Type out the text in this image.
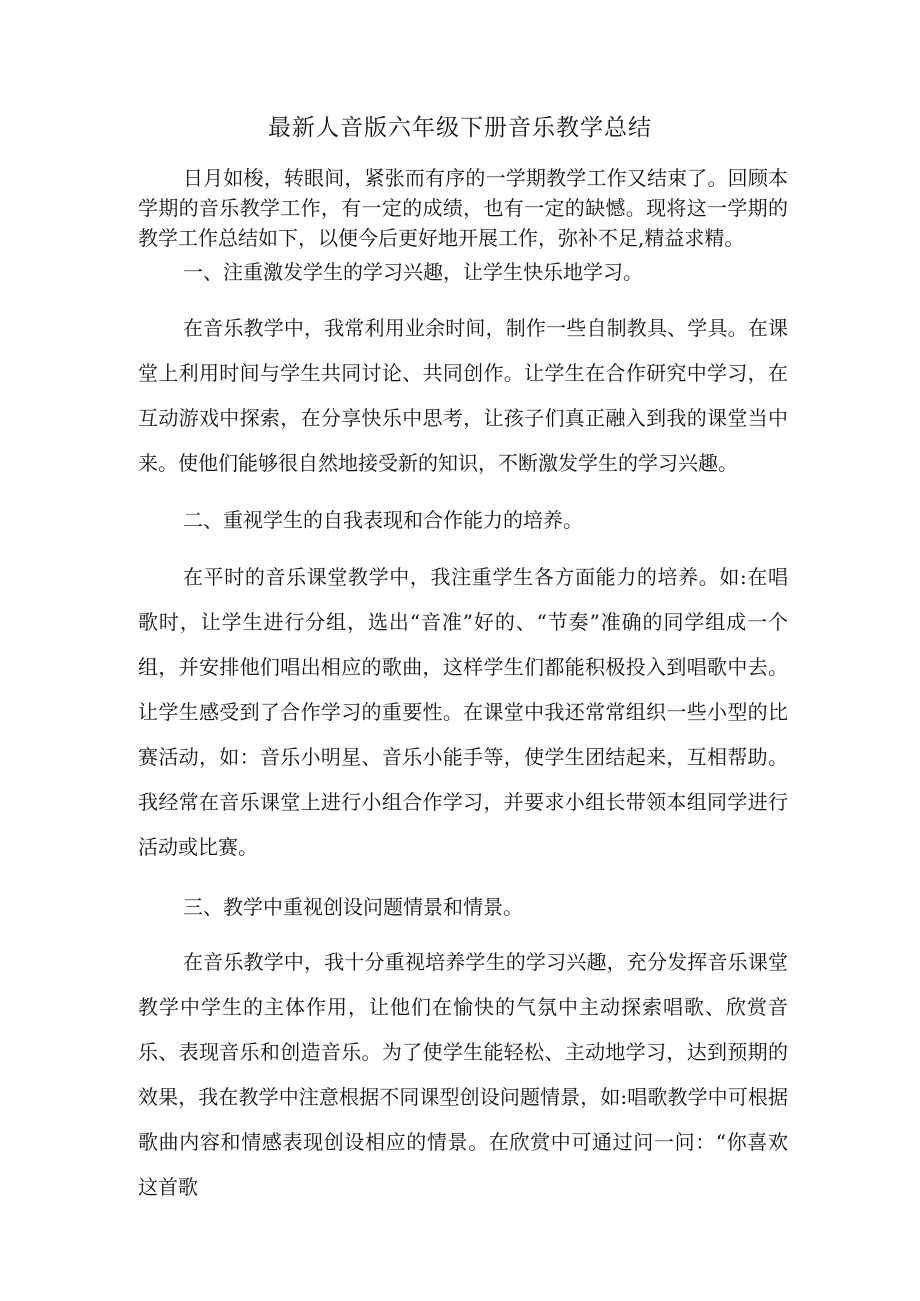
最新人音版六年级下册音乐教学总结

日月如梭，转眼间，紧张而有序的一学期教学工作又结束了。回顾本学期的音乐教学工作，有一定的成绩，也有一定的缺憾。现将这一学期的教学工作总结如下，以便今后更好地开展工作，弥补不足,精益求精。

一、注重激发学生的学习兴趣，让学生快乐地学习。

在音乐教学中，我常利用业余时间，制作一些自制教具、学具。在课堂上利用时间与学生共同讨论、共同创作。让学生在合作研究中学习，在互动游戏中探索，在分享快乐中思考，让孩子们真正融入到我的课堂当中来。使他们能够很自然地接受新的知识，不断激发学生的学习兴趣。

二、重视学生的自我表现和合作能力的培养。

在平时的音乐课堂教学中，我注重学生各方面能力的培养。如:在唱歌时，让学生进行分组，选出“音准”好的、“节奏”准确的同学组成一个组，并安排他们唱出相应的歌曲，这样学生们都能积极投入到唱歌中去。让学生感受到了合作学习的重要性。在课堂中我还常常组织一些小型的比赛活动，如：音乐小明星、音乐小能手等，使学生团结起来，互相帮助。我经常在音乐课堂上进行小组合作学习，并要求小组长带领本组同学进行活动或比赛。

三、教学中重视创设问题情景和情景。

在音乐教学中，我十分重视培养学生的学习兴趣，充分发挥音乐课堂教学中学生的主体作用，让他们在愉快的气氛中主动探索唱歌、欣赏音乐、表现音乐和创造音乐。为了使学生能轻松、主动地学习，达到预期的效果，我在教学中注意根据不同课型创设问题情景，如:唱歌教学中可根据歌曲内容和情感表现创设相应的情景。在欣赏中可通过问一问：“你喜欢这首歌
